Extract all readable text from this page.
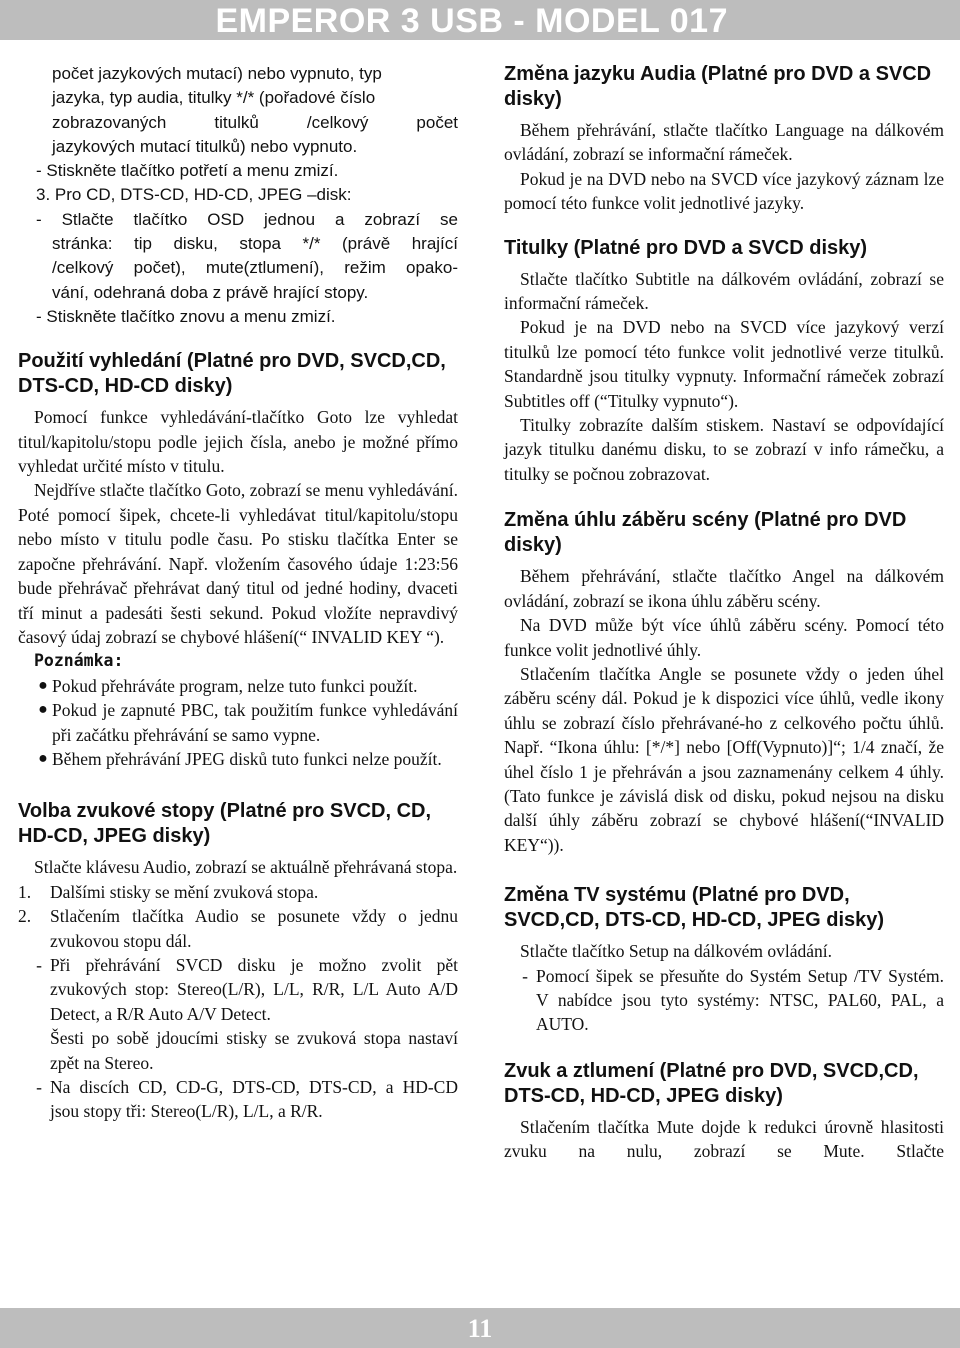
EMPEROR 3 USB - MODEL 017

počet jazykových mutací) nebo vypnuto, typ

jazyka, typ audia, titulky */* (pořadové číslo

zobrazovaných titulků /celkový počet

jazykových mutací titulků) nebo vypnuto.

- Stiskněte tlačítko potřetí a menu zmizí.

3. Pro CD, DTS-CD, HD-CD, JPEG –disk:

- Stlačte tlačítko OSD jednou a zobrazí se

stránka: tip disku, stopa */* (právě hrající

/celkový počet), mute(ztlumení), režim opako-

vání, odehraná doba z právě hrající stopy.

- Stiskněte tlačítko znovu a menu zmizí.

Použití vyhledání (Platné pro DVD, SVCD,CD, DTS-CD, HD-CD disky)

Pomocí funkce vyhledávání-tlačítko Goto lze vyhledat titul/kapitolu/stopu podle jejich čísla, anebo je možné přímo vyhledat určité místo v titulu.

Nejdříve stlačte tlačítko Goto, zobrazí se menu vyhledávání. Poté pomocí šipek, chcete-li vyhledávat titul/kapitolu/stopu nebo místo v titulu podle času. Po stisku tlačítka Enter se započne přehrávání. Např. vložením časového údaje 1:23:56 bude přehrávač přehrávat daný titul od jedné hodiny, dvaceti tří minut a padesáti šesti sekund. Pokud vložíte nepravdivý časový údaj zobrazí se chybové hlášení(“ INVALID KEY “).

Poznámka:

● Pokud přehráváte program, nelze tuto funkci použít.
● Pokud je zapnuté PBC, tak použitím funkce vyhledávání při začátku přehrávání se samo vypne.
● Během přehrávání JPEG disků tuto funkci nelze použít.
Volba zvukové stopy (Platné pro SVCD, CD, HD-CD, JPEG disky)

Stlačte klávesu Audio, zobrazí se aktuálně přehrávaná stopa.

1.	Dalšími stisky se mění zvuková stopa.
2.	Stlačením tlačítka Audio se posunete vždy o jednu zvukovou stopu dál.
- Při přehrávání SVCD disku je možno zvolit pět zvukových stop: Stereo(L/R), L/L, R/R, L/L Auto A/D Detect, a R/R Auto A/V Detect.
Šesti po sobě jdoucími stisky se zvuková stopa nastaví zpět na Stereo.
- Na discích CD, CD-G, DTS-CD, DTS-CD, a HD-CD jsou stopy tři: Stereo(L/R), L/L, a R/R.
Změna jazyku Audia (Platné pro DVD a SVCD disky)

Během přehrávání, stlačte tlačítko Language na dálkovém ovládání, zobrazí se informační rámeček.

Pokud je na DVD nebo na SVCD více jazykový záznam lze pomocí této funkce volit jednotlivé jazyky.

Titulky (Platné pro DVD a SVCD disky)

Stlačte tlačítko Subtitle na dálkovém ovládání, zobrazí se informační rámeček.

Pokud je na DVD nebo na SVCD více jazykový verzí titulků lze pomocí této funkce volit jednotlivé verze titulků. Standardně jsou titulky vypnuty. Informační rámeček zobrazí Subtitles off (“Titulky vypnuto“).

Titulky zobrazíte dalším stiskem. Nastaví se odpovídající jazyk titulku danému disku, to se zobrazí v info rámečku, a titulky se počnou zobrazovat.

Změna úhlu záběru scény (Platné pro DVD disky)

Během přehrávání, stlačte tlačítko Angel na dálkovém ovládání, zobrazí se ikona úhlu záběru scény.

Na DVD může být více úhlů záběru scény. Pomocí této funkce volit jednotlivé úhly.

Stlačením tlačítka Angle se posunete vždy o jeden úhel záběru scény dál. Pokud je k dispozici více úhlů, vedle ikony úhlu se zobrazí číslo přehrávané-ho z celkového počtu úhlů. Např. “Ikona úhlu: [*/*] nebo [Off(Vypnuto)]“; 1/4 značí, že úhel číslo 1 je přehráván a jsou zaznamenány celkem 4 úhly. (Tato funkce je závislá disk od disku, pokud nejsou na disku další úhly záběru zobrazí se chybové hlášení(“INVALID KEY“)).

Změna TV systému (Platné pro DVD, SVCD,CD, DTS-CD, HD-CD, JPEG disky)

Stlačte tlačítko Setup na dálkovém ovládání.

- Pomocí šipek se přesuňte do Systém Setup /TV Systém. V nabídce jsou tyto systémy: NTSC, PAL60, PAL, a AUTO.
Zvuk a ztlumení (Platné pro DVD, SVCD,CD, DTS-CD, HD-CD, JPEG disky)

Stlačením tlačítka Mute dojde k redukci úrovně hlasitosti zvuku na nulu, zobrazí se Mute. Stlačte

11
